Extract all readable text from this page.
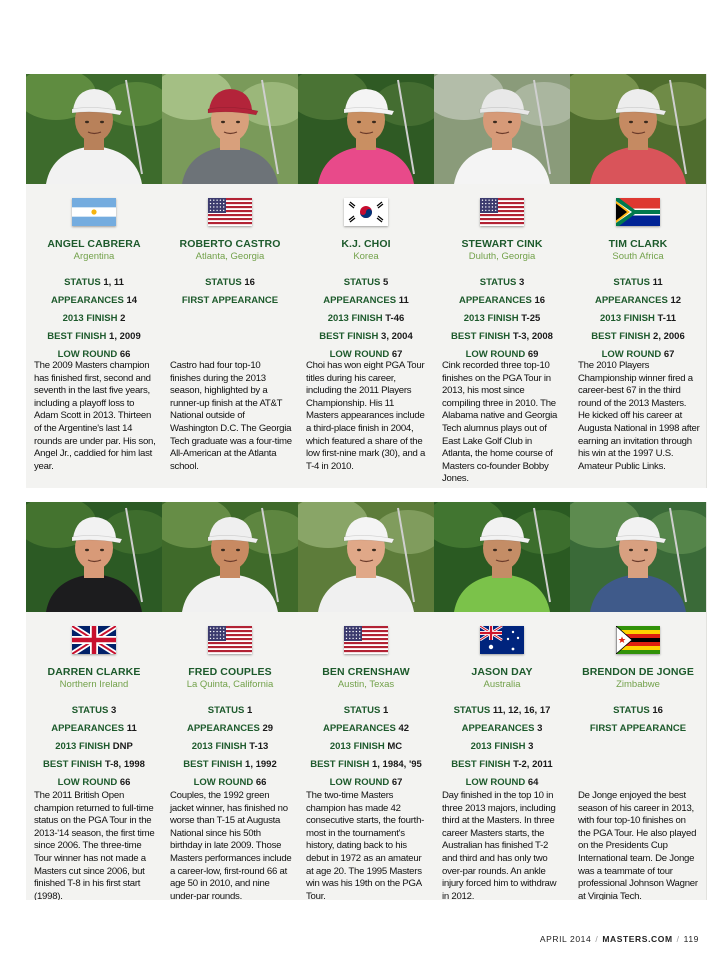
ANGEL CABRERA
Argentina
STATUS 1, 11
APPEARANCES 14
2013 FINISH 2
BEST FINISH 1, 2009
LOW ROUND 66
The 2009 Masters champion has finished first, second and seventh in the last five years, including a playoff loss to Adam Scott in 2013. Thirteen of the Argentine's last 14 rounds are under par. His son, Angel Jr., caddied for him last year.
ROBERTO CASTRO
Atlanta, Georgia
STATUS 16
FIRST APPEARANCE
Castro had four top-10 finishes during the 2013 season, highlighted by a runner-up finish at the AT&T National outside of Washington D.C. The Georgia Tech graduate was a four-time All-American at the Atlanta school.
K.J. CHOI
Korea
STATUS 5
APPEARANCES 11
2013 FINISH T-46
BEST FINISH 3, 2004
LOW ROUND 67
Choi has won eight PGA Tour titles during his career, including the 2011 Players Championship. His 11 Masters appearances include a third-place finish in 2004, which featured a share of the low first-nine mark (30), and a T-4 in 2010.
STEWART CINK
Duluth, Georgia
STATUS 3
APPEARANCES 16
2013 FINISH T-25
BEST FINISH T-3, 2008
LOW ROUND 69
Cink recorded three top-10 finishes on the PGA Tour in 2013, his most since compiling three in 2010. The Alabama native and Georgia Tech alumnus plays out of East Lake Golf Club in Atlanta, the home course of Masters co-founder Bobby Jones.
TIM CLARK
South Africa
STATUS 11
APPEARANCES 12
2013 FINISH T-11
BEST FINISH 2, 2006
LOW ROUND 67
The 2010 Players Championship winner fired a career-best 67 in the third round of the 2013 Masters. He kicked off his career at Augusta National in 1998 after earning an invitation through his win at the 1997 U.S. Amateur Public Links.
DARREN CLARKE
Northern Ireland
STATUS 3
APPEARANCES 11
2013 FINISH DNP
BEST FINISH T-8, 1998
LOW ROUND 66
The 2011 British Open champion returned to full-time status on the PGA Tour in the 2013-'14 season, the first time since 2006. The three-time Tour winner has not made a Masters cut since 2006, but finished T-8 in his first start (1998).
FRED COUPLES
La Quinta, California
STATUS 1
APPEARANCES 29
2013 FINISH T-13
BEST FINISH 1, 1992
LOW ROUND 66
Couples, the 1992 green jacket winner, has finished no worse than T-15 at Augusta National since his 50th birthday in late 2009. Those Masters performances include a career-low, first-round 66 at age 50 in 2010, and nine under-par rounds.
BEN CRENSHAW
Austin, Texas
STATUS 1
APPEARANCES 42
2013 FINISH MC
BEST FINISH 1, 1984, '95
LOW ROUND 67
The two-time Masters champion has made 42 consecutive starts, the fourth-most in the tournament's history, dating back to his debut in 1972 as an amateur at age 20. The 1995 Masters win was his 19th on the PGA Tour.
JASON DAY
Australia
STATUS 11, 12, 16, 17
APPEARANCES 3
2013 FINISH 3
BEST FINISH T-2, 2011
LOW ROUND 64
Day finished in the top 10 in three 2013 majors, including third at the Masters. In three career Masters starts, the Australian has finished T-2 and third and has only two over-par rounds. An ankle injury forced him to withdraw in 2012.
BRENDON DE JONGE
Zimbabwe
STATUS 16
FIRST APPEARANCE
De Jonge enjoyed the best season of his career in 2013, with four top-10 finishes on the PGA Tour. He also played on the Presidents Cup International team. De Jonge was a teammate of tour professional Johnson Wagner at Virginia Tech.
APRIL 2014 / MASTERS.COM / 119
